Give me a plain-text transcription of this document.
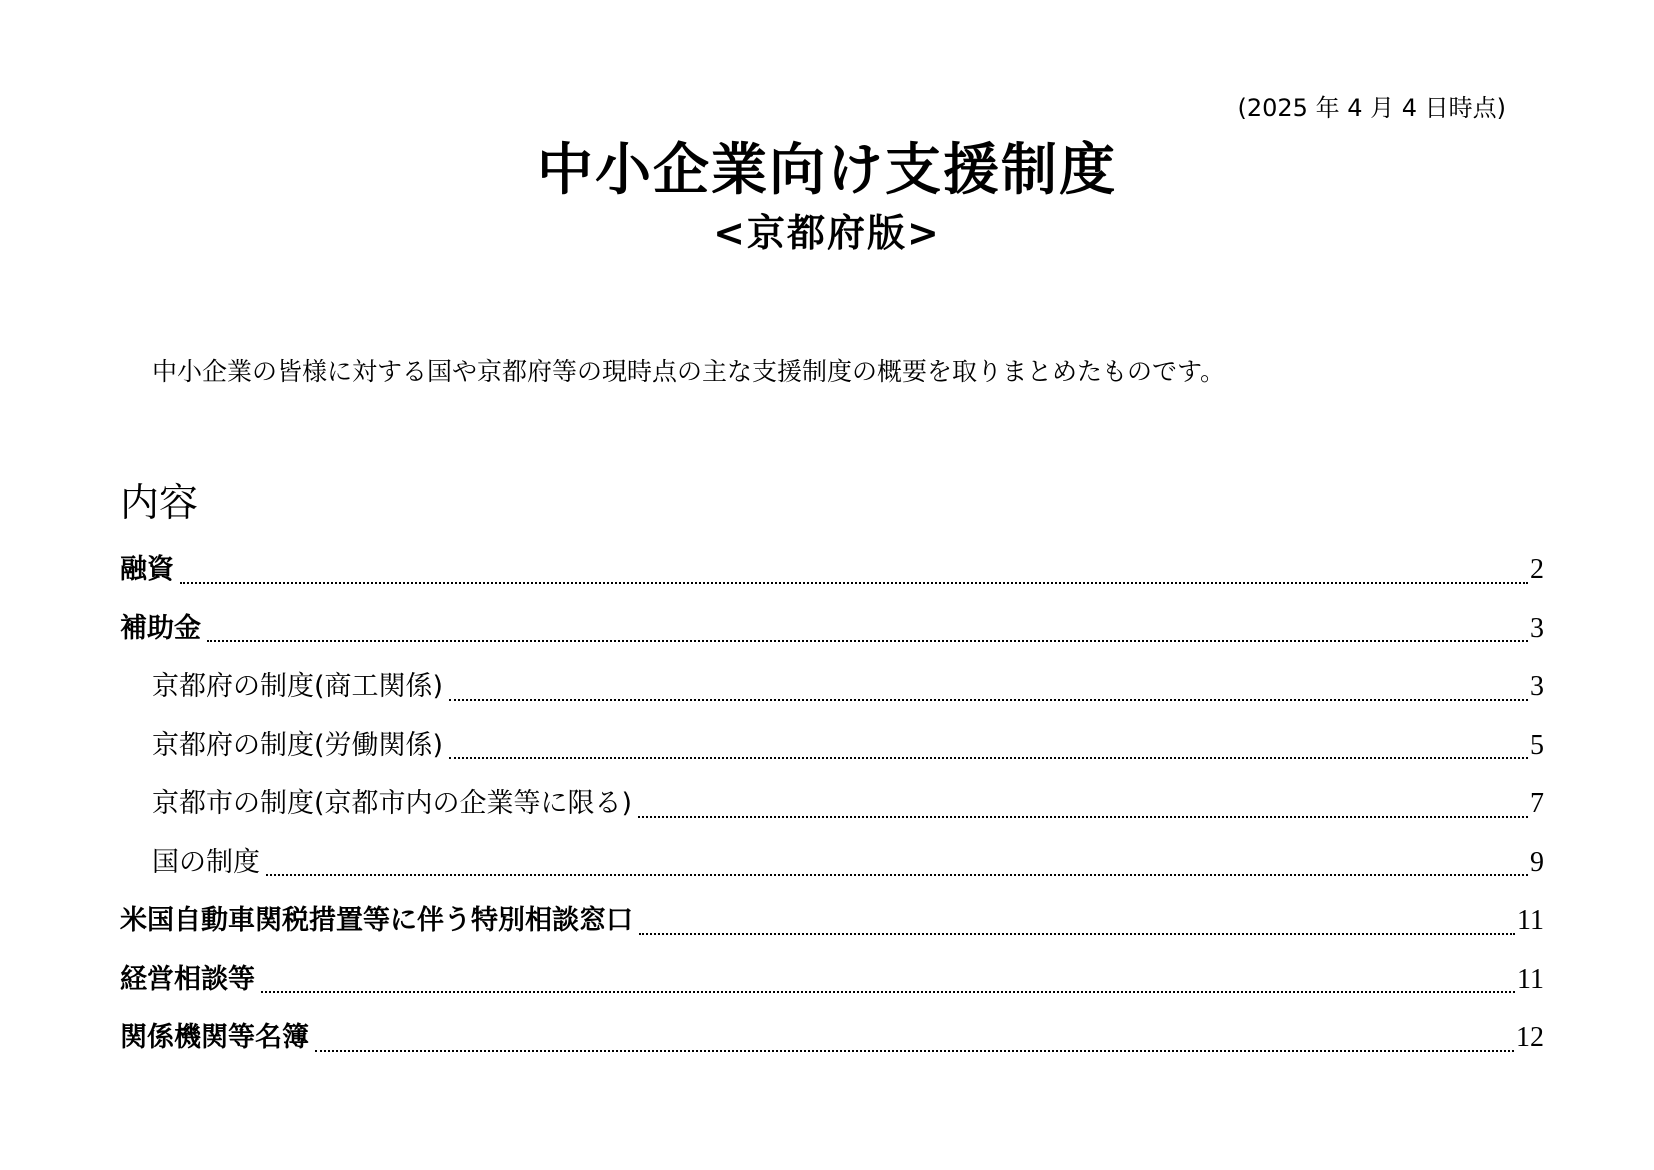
(2025 年 4 月 4 日時点)
中小企業向け支援制度
<京都府版>
中小企業の皆様に対する国や京都府等の現時点の主な支援制度の概要を取りまとめたものです。
内容
融資	2
補助金	3
京都府の制度(商工関係)	3
京都府の制度(労働関係)	5
京都市の制度(京都市内の企業等に限る)	7
国の制度	9
米国自動車関税措置等に伴う特別相談窓口	11
経営相談等	11
関係機関等名簿	12
